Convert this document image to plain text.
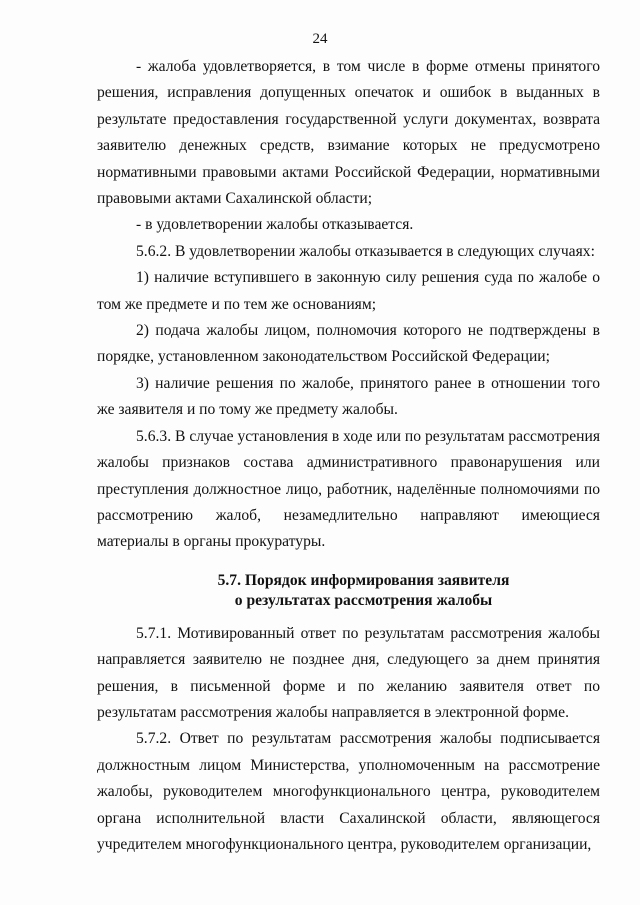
24

- жалоба удовлетворяется, в том числе в форме отмены принятого решения, исправления допущенных опечаток и ошибок в выданных в результате предоставления государственной услуги документах, возврата заявителю денежных средств, взимание которых не предусмотрено нормативными правовыми актами Российской Федерации, нормативными правовыми актами Сахалинской области;

- в удовлетворении жалобы отказывается.

5.6.2. В удовлетворении жалобы отказывается в следующих случаях:

1) наличие вступившего в законную силу решения суда по жалобе о том же предмете и по тем же основаниям;

2) подача жалобы лицом, полномочия которого не подтверждены в порядке, установленном законодательством Российской Федерации;

3) наличие решения по жалобе, принятого ранее в отношении того же заявителя и по тому же предмету жалобы.

5.6.3. В случае установления в ходе или по результатам рассмотрения жалобы признаков состава административного правонарушения или преступления должностное лицо, работник, наделённые полномочиями по рассмотрению жалоб, незамедлительно направляют имеющиеся материалы в органы прокуратуры.

5.7. Порядок информирования заявителя
о результатах рассмотрения жалобы

5.7.1. Мотивированный ответ по результатам рассмотрения жалобы направляется заявителю не позднее дня, следующего за днем принятия решения, в письменной форме и по желанию заявителя ответ по результатам рассмотрения жалобы направляется в электронной форме.

5.7.2. Ответ по результатам рассмотрения жалобы подписывается должностным лицом Министерства, уполномоченным на рассмотрение жалобы, руководителем многофункционального центра, руководителем органа исполнительной власти Сахалинской области, являющегося учредителем многофункционального центра, руководителем организации,
